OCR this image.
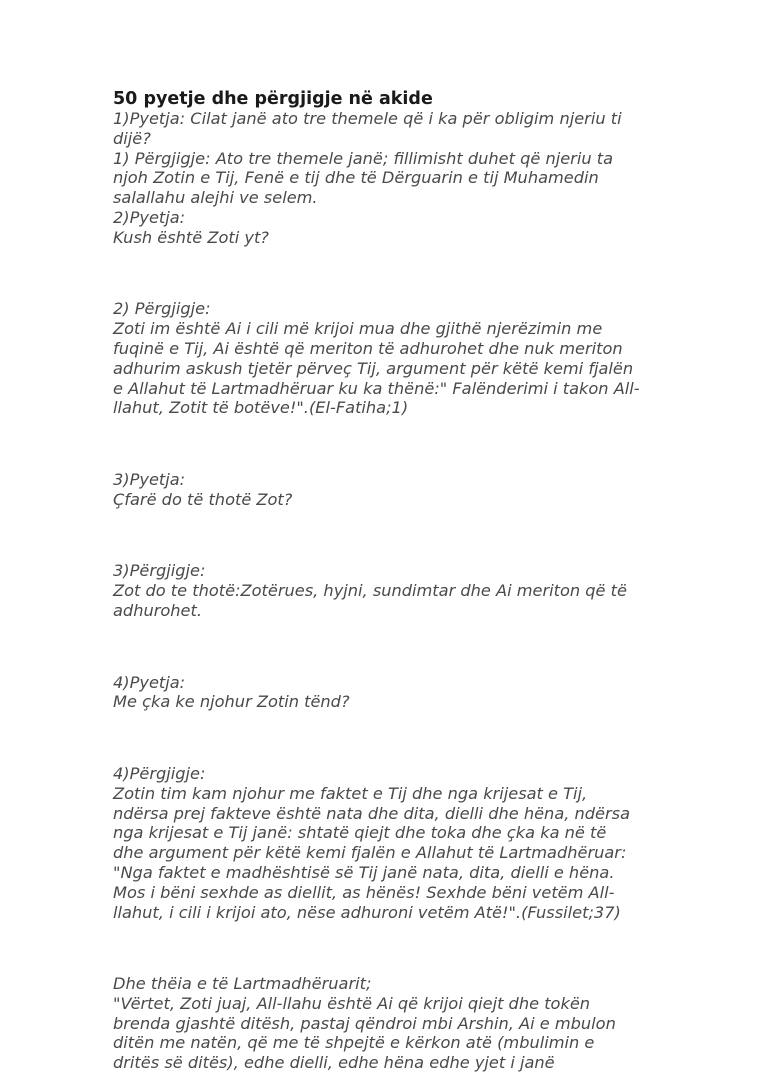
50 pyetje dhe përgjigje në akide

1)Pyetja: Cilat janë ato tre themele që i ka për obligim njeriu ti

dijë?

1) Përgjigje: Ato tre themele janë; fillimisht duhet që njeriu ta

njoh Zotin e Tij, Fenë e tij dhe të Dërguarin e tij Muhamedin

salallahu alejhi ve selem.

2)Pyetja:

Kush është Zoti yt?

2) Përgjigje:

Zoti im është Ai i cili më krijoi mua dhe gjithë njerëzimin me

fuqinë e Tij, Ai është që meriton të adhurohet dhe nuk meriton

adhurim askush tjetër përveç Tij, argument për këtë kemi fjalën

e Allahut të Lartmadhëruar ku ka thënë:" Falënderimi i takon All-

llahut, Zotit të botëve!".(El-Fatiha;1)

3)Pyetja:

Çfarë do të thotë Zot?

3)Përgjigje:

Zot do te thotë:Zotërues, hyjni, sundimtar dhe Ai meriton që të

adhurohet.

4)Pyetja:

Me çka ke njohur Zotin tënd?

4)Përgjigje:

Zotin tim kam njohur me faktet e Tij dhe nga krijesat e Tij,

ndërsa prej fakteve është nata dhe dita, dielli dhe hëna, ndërsa

nga krijesat e Tij janë: shtatë qiejt dhe toka dhe çka ka në të

dhe argument për këtë kemi fjalën e Allahut të Lartmadhëruar:

"Nga faktet e madhështisë së Tij janë nata, dita, dielli e hëna.

Mos i bëni sexhde as diellit, as hënës! Sexhde bëni vetëm All-

llahut, i cili i krijoi ato, nëse adhuroni vetëm Atë!".(Fussilet;37)

Dhe thëia e të Lartmadhëruarit;

"Vërtet, Zoti juaj, All-llahu është Ai që krijoi qiejt dhe tokën

brenda gjashtë ditësh, pastaj qëndroi mbi Arshin, Ai e mbulon

ditën me natën, që me të shpejtë e kërkon atë (mbulimin e

dritës së ditës), edhe dielli, edhe hëna edhe yjet i janë
